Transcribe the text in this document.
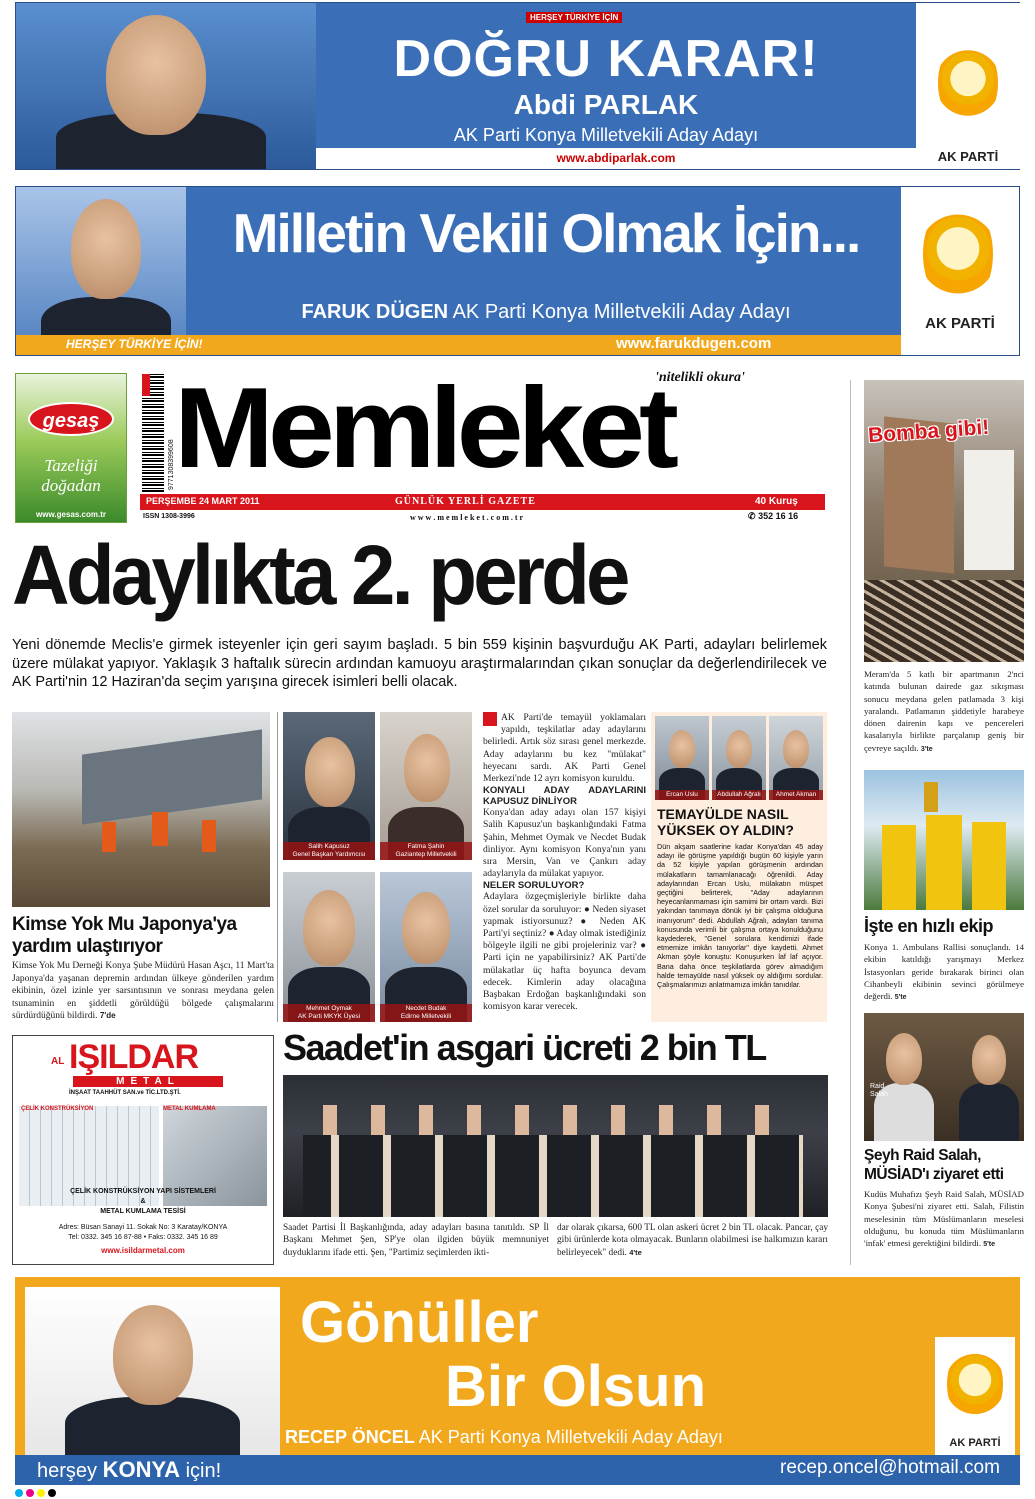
HERŞEY TÜRKİYE İÇİN
DOĞRU KARAR!
Abdi PARLAK
AK Parti Konya Milletvekili Aday Adayı
www.abdiparlak.com	AK PARTİ
Milletin Vekili Olmak İçin...
FARUK DÜGEN AK Parti Konya Milletvekili Aday Adayı
HERŞEY TÜRKİYE İÇİN!	www.farukdugen.com
AK PARTİ
gesaş
Tazeliği
doğadan
www.gesas.com.tr
9771308399608
'nitelikli okura'
Memleket
PERŞEMBE 24 MART 2011	GÜNLÜK YERLİ GAZETE	40 Kuruş
ISSN 1308-3996	w w w . m e m l e k e t . c o m . t r	✆ 352 16 16
Adaylıkta 2. perde
Yeni dönemde Meclis'e girmek isteyenler için geri sayım başladı. 5 bin 559 kişinin başvurduğu AK Parti, adayları belirlemek üzere mülakat yapıyor. Yaklaşık 3 haftalık sürecin ardından kamuoyu araştırmalarından çıkan sonuçlar da değerlendirilecek ve AK Parti'nin 12 Haziran'da seçim yarışına girecek isimleri belli olacak.
Kimse Yok Mu Japonya'ya yardım ulaştırıyor
Kimse Yok Mu Derneği Konya Şube Müdürü Hasan Aşcı, 11 Mart'ta Japonya'da yaşanan depremin ardından ülkeye gönderilen yardım ekibinin, özel izinle yer sarsıntısının ve sonrası meydana gelen tsunaminin en şiddetli görüldüğü bölgede çalışmalarını sürdürdüğünü bildirdi. 7'de
Salih Kapusuz
Genel Başkan Yardımcısı
Fatma Şahin
Gaziantep Milletvekili
Mehmet Oymak
AK Parti MKYK Üyesi
Necdet Budak
Edirne Milletvekili
AK Parti'de temayül yoklamaları yapıldı, teşkilatlar aday adaylarını belirledi. Artık söz sırası genel merkezde. Aday adaylarını bu kez "mülakat" heyecanı sardı. AK Parti Genel Merkezi'nde 12 ayrı komisyon kuruldu.
KONYALI ADAY ADAYLARINI KAPUSUZ DİNLİYOR
Konya'dan aday adayı olan 157 kişiyi Salih Kapusuz'un başkanlığındaki Fatma Şahin, Mehmet Oymak ve Necdet Budak dinliyor. Aynı komisyon Konya'nın yanı sıra Mersin, Van ve Çankırı aday adaylarıyla da mülakat yapıyor.
NELER SORULUYOR?
Adaylara özgeçmişleriyle birlikte daha özel sorular da soruluyor: ● Neden siyaset yapmak istiyorsunuz? ● Neden AK Parti'yi seçtiniz? ● Aday olmak istediğiniz bölgeyle ilgili ne gibi projeleriniz var? ● Parti için ne yapabilirsiniz? AK Parti'de mülakatlar üç hafta boyunca devam edecek. Kimlerin aday olacağına Başbakan Erdoğan başkanlığındaki son komisyon karar verecek.
Ercan Uslu	Abdullah Ağralı	Ahmet Akman
TEMAYÜLDE NASIL YÜKSEK OY ALDIN?
Dün akşam saatlerine kadar Konya'dan 45 aday adayı ile görüşme yapıldığı bugün 60 kişiyle yarın da 52 kişiyle yapılan görüşmenin ardından mülakatların tamamlanacağı öğrenildi. Aday adaylarından Ercan Uslu, mülakatın müspet geçtiğini belirterek, "Aday adaylarının heyecanlanmaması için samimi bir ortam vardı. Bizi yakından tanımaya dönük iyi bir çalışma olduğuna inanıyorum" dedi. Abdullah Ağralı, adayları tanıma konusunda verimli bir çalışma ortaya konulduğunu kaydederek, "Genel sorulara kendimizi ifade etmemize imkân tanıyorlar" diye kaydetti. Ahmet Akman şöyle konuştu: Konuşurken laf laf açıyor. Bana daha önce teşkilatlarda görev almadığım halde temayülde nasıl yüksek oy aldığımı sordular. Çalışmalarımızı anlatmamıza imkân tanıdılar.
AL IŞILDAR
METAL
İNŞAAT TAAHHÜT SAN.ve TİC.LTD.ŞTİ.
ÇELİK KONSTRÜKSİYON	METAL KUMLAMA
ÇELİK KONSTRÜKSİYON YAPI SİSTEMLERİ
&
METAL KUMLAMA TESİSİ
Adres: Büsan Sanayi 11. Sokak No: 3 Karatay/KONYA
Tel: 0332. 345 16 87-88 • Faks: 0332. 345 16 89
www.isildarmetal.com
Saadet'in asgari ücreti 2 bin TL
Saadet Partisi İl Başkanlığında, aday adayları basına tanıtıldı. SP İl Başkanı Mehmet Şen, SP'ye olan ilgiden büyük memnuniyet duyduklarını ifade etti. Şen, "Partimiz seçimlerden ikti-
dar olarak çıkarsa, 600 TL olan askeri ücret 2 bin TL olacak. Pancar, çay gibi ürünlerde kota olmayacak. Bunların olabilmesi ise halkımızın kararı belirleyecek" dedi. 4'te
Bomba gibi!
Meram'da 5 katlı bir apartmanın 2'nci katında bulunan dairede gaz sıkışması sonucu meydana gelen patlamada 3 kişi yaralandı. Patlamanın şiddetiyle harabeye dönen dairenin kapı ve pencereleri kasalarıyla birlikte parçalanıp geniş bir çevreye saçıldı. 3'te
İşte en hızlı ekip
Konya 1. Ambulans Rallisi sonuçlandı. 14 ekibin katıldığı yarışmayı Merkez İstasyonları geride bırakarak birinci olan Cihanbeyli ekibinin sevinci görülmeye değerdi. 5'te
Raid Salah
Şeyh Raid Salah, MÜSİAD'ı ziyaret etti
Kudüs Muhafızı Şeyh Raid Salah, MÜSİAD Konya Şubesi'ni ziyaret etti. Salah, Filistin meselesinin tüm Müslümanların meselesi olduğunu, bu konuda tüm Müslümanların 'infak' etmesi gerektiğini bildirdi. 5'te
Gönüller
Bir Olsun
RECEP ÖNCEL AK Parti Konya Milletvekili Aday Adayı	AK PARTİ
herşey KONYA için!	recep.oncel@hotmail.com
